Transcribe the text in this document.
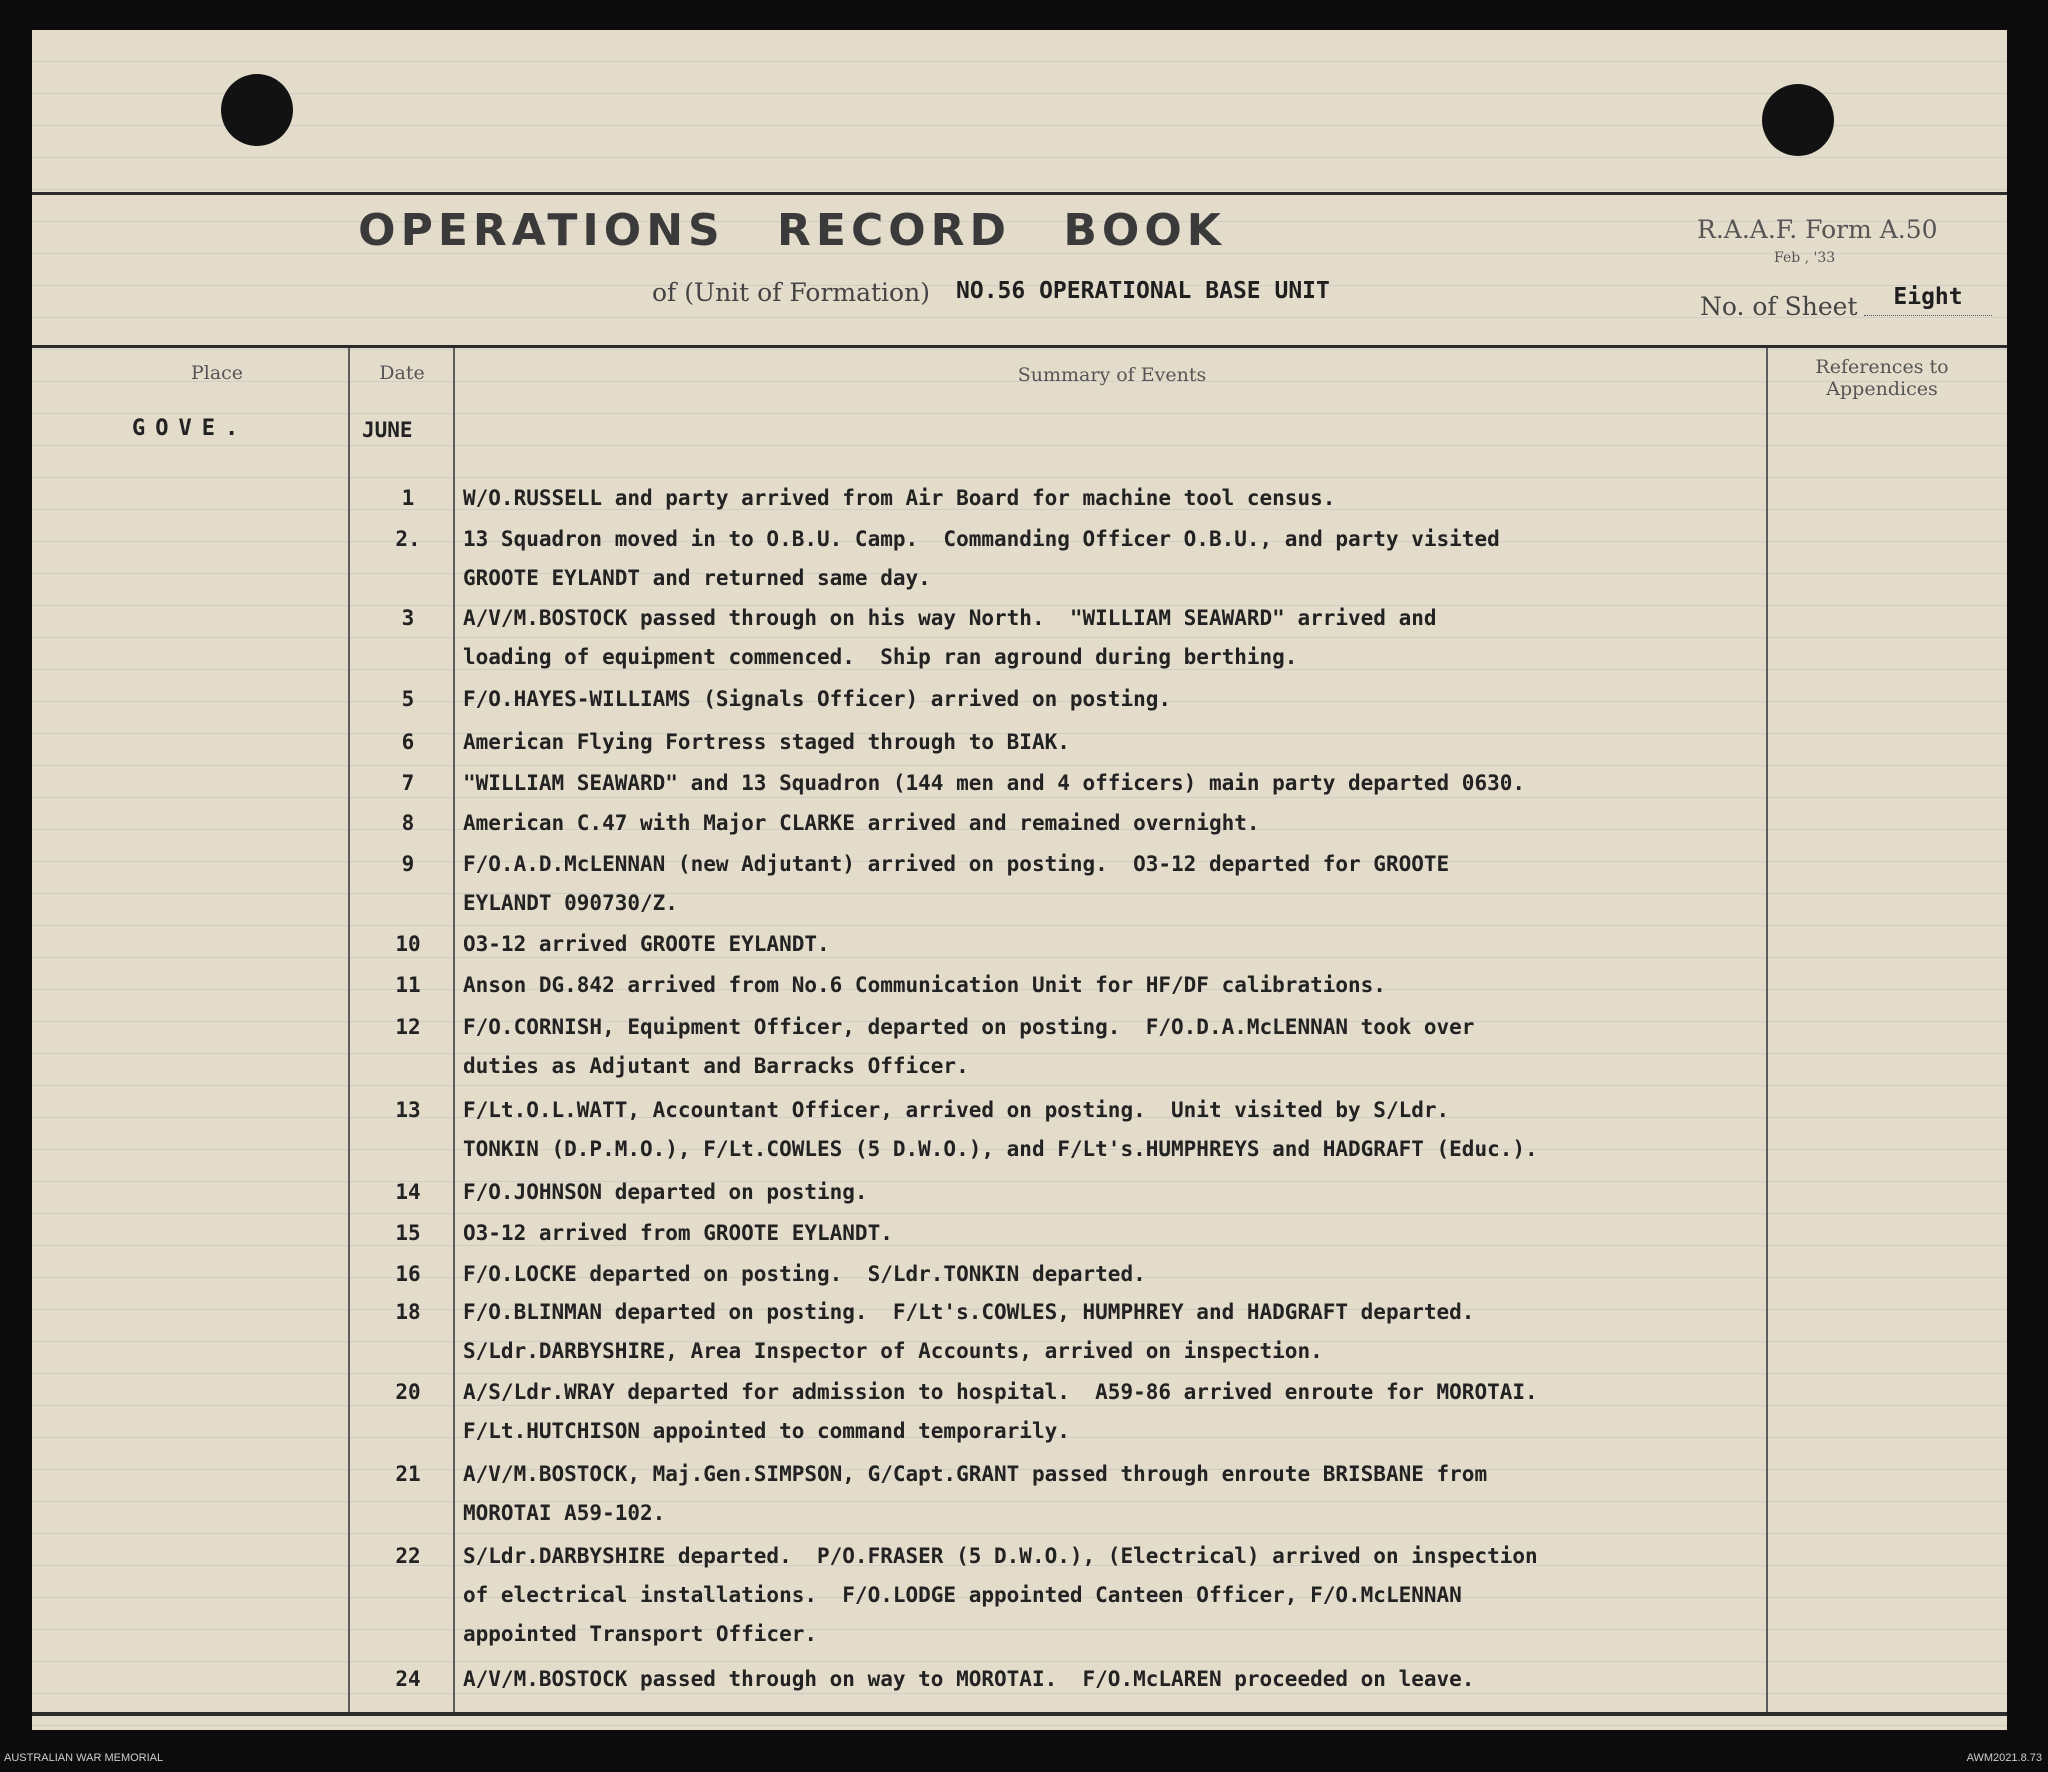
OPERATIONS RECORD BOOK
of (Unit of Formation) NO.56 OPERATIONAL BASE UNIT
R.A.A.F. Form A.50
Feb , '33
No. of Sheet	Eight
Place	Date	Summary of Events	References to
Appendices
GOVE.	JUNE
1	W/O.RUSSELL and party arrived from Air Board for machine tool census.
2.	13 Squadron moved in to O.B.U. Camp.  Commanding Officer O.B.U., and party visited
GROOTE EYLANDT and returned same day.
3	A/V/M.BOSTOCK passed through on his way North.  "WILLIAM SEAWARD" arrived and
loading of equipment commenced.  Ship ran aground during berthing.
5	F/O.HAYES-WILLIAMS (Signals Officer) arrived on posting.
6	American Flying Fortress staged through to BIAK.
7	"WILLIAM SEAWARD" and 13 Squadron (144 men and 4 officers) main party departed 0630.
8	American C.47 with Major CLARKE arrived and remained overnight.
9	F/O.A.D.McLENNAN (new Adjutant) arrived on posting.  O3-12 departed for GROOTE
EYLANDT 090730/Z.
10	O3-12 arrived GROOTE EYLANDT.
11	Anson DG.842 arrived from No.6 Communication Unit for HF/DF calibrations.
12	F/O.CORNISH, Equipment Officer, departed on posting.  F/O.D.A.McLENNAN took over
duties as Adjutant and Barracks Officer.
13	F/Lt.O.L.WATT, Accountant Officer, arrived on posting.  Unit visited by S/Ldr.
TONKIN (D.P.M.O.), F/Lt.COWLES (5 D.W.O.), and F/Lt's.HUMPHREYS and HADGRAFT (Educ.).
14	F/O.JOHNSON departed on posting.
15	O3-12 arrived from GROOTE EYLANDT.
16	F/O.LOCKE departed on posting.  S/Ldr.TONKIN departed.
18	F/O.BLINMAN departed on posting.  F/Lt's.COWLES, HUMPHREY and HADGRAFT departed.
S/Ldr.DARBYSHIRE, Area Inspector of Accounts, arrived on inspection.
20	A/S/Ldr.WRAY departed for admission to hospital.  A59-86 arrived enroute for MOROTAI.
F/Lt.HUTCHISON appointed to command temporarily.
21	A/V/M.BOSTOCK, Maj.Gen.SIMPSON, G/Capt.GRANT passed through enroute BRISBANE from
MOROTAI A59-102.
22	S/Ldr.DARBYSHIRE departed.  P/O.FRASER (5 D.W.O.), (Electrical) arrived on inspection
of electrical installations.  F/O.LODGE appointed Canteen Officer, F/O.McLENNAN
appointed Transport Officer.
24	A/V/M.BOSTOCK passed through on way to MOROTAI.  F/O.McLAREN proceeded on leave.
AUSTRALIAN WAR MEMORIAL	AWM2021.8.73
